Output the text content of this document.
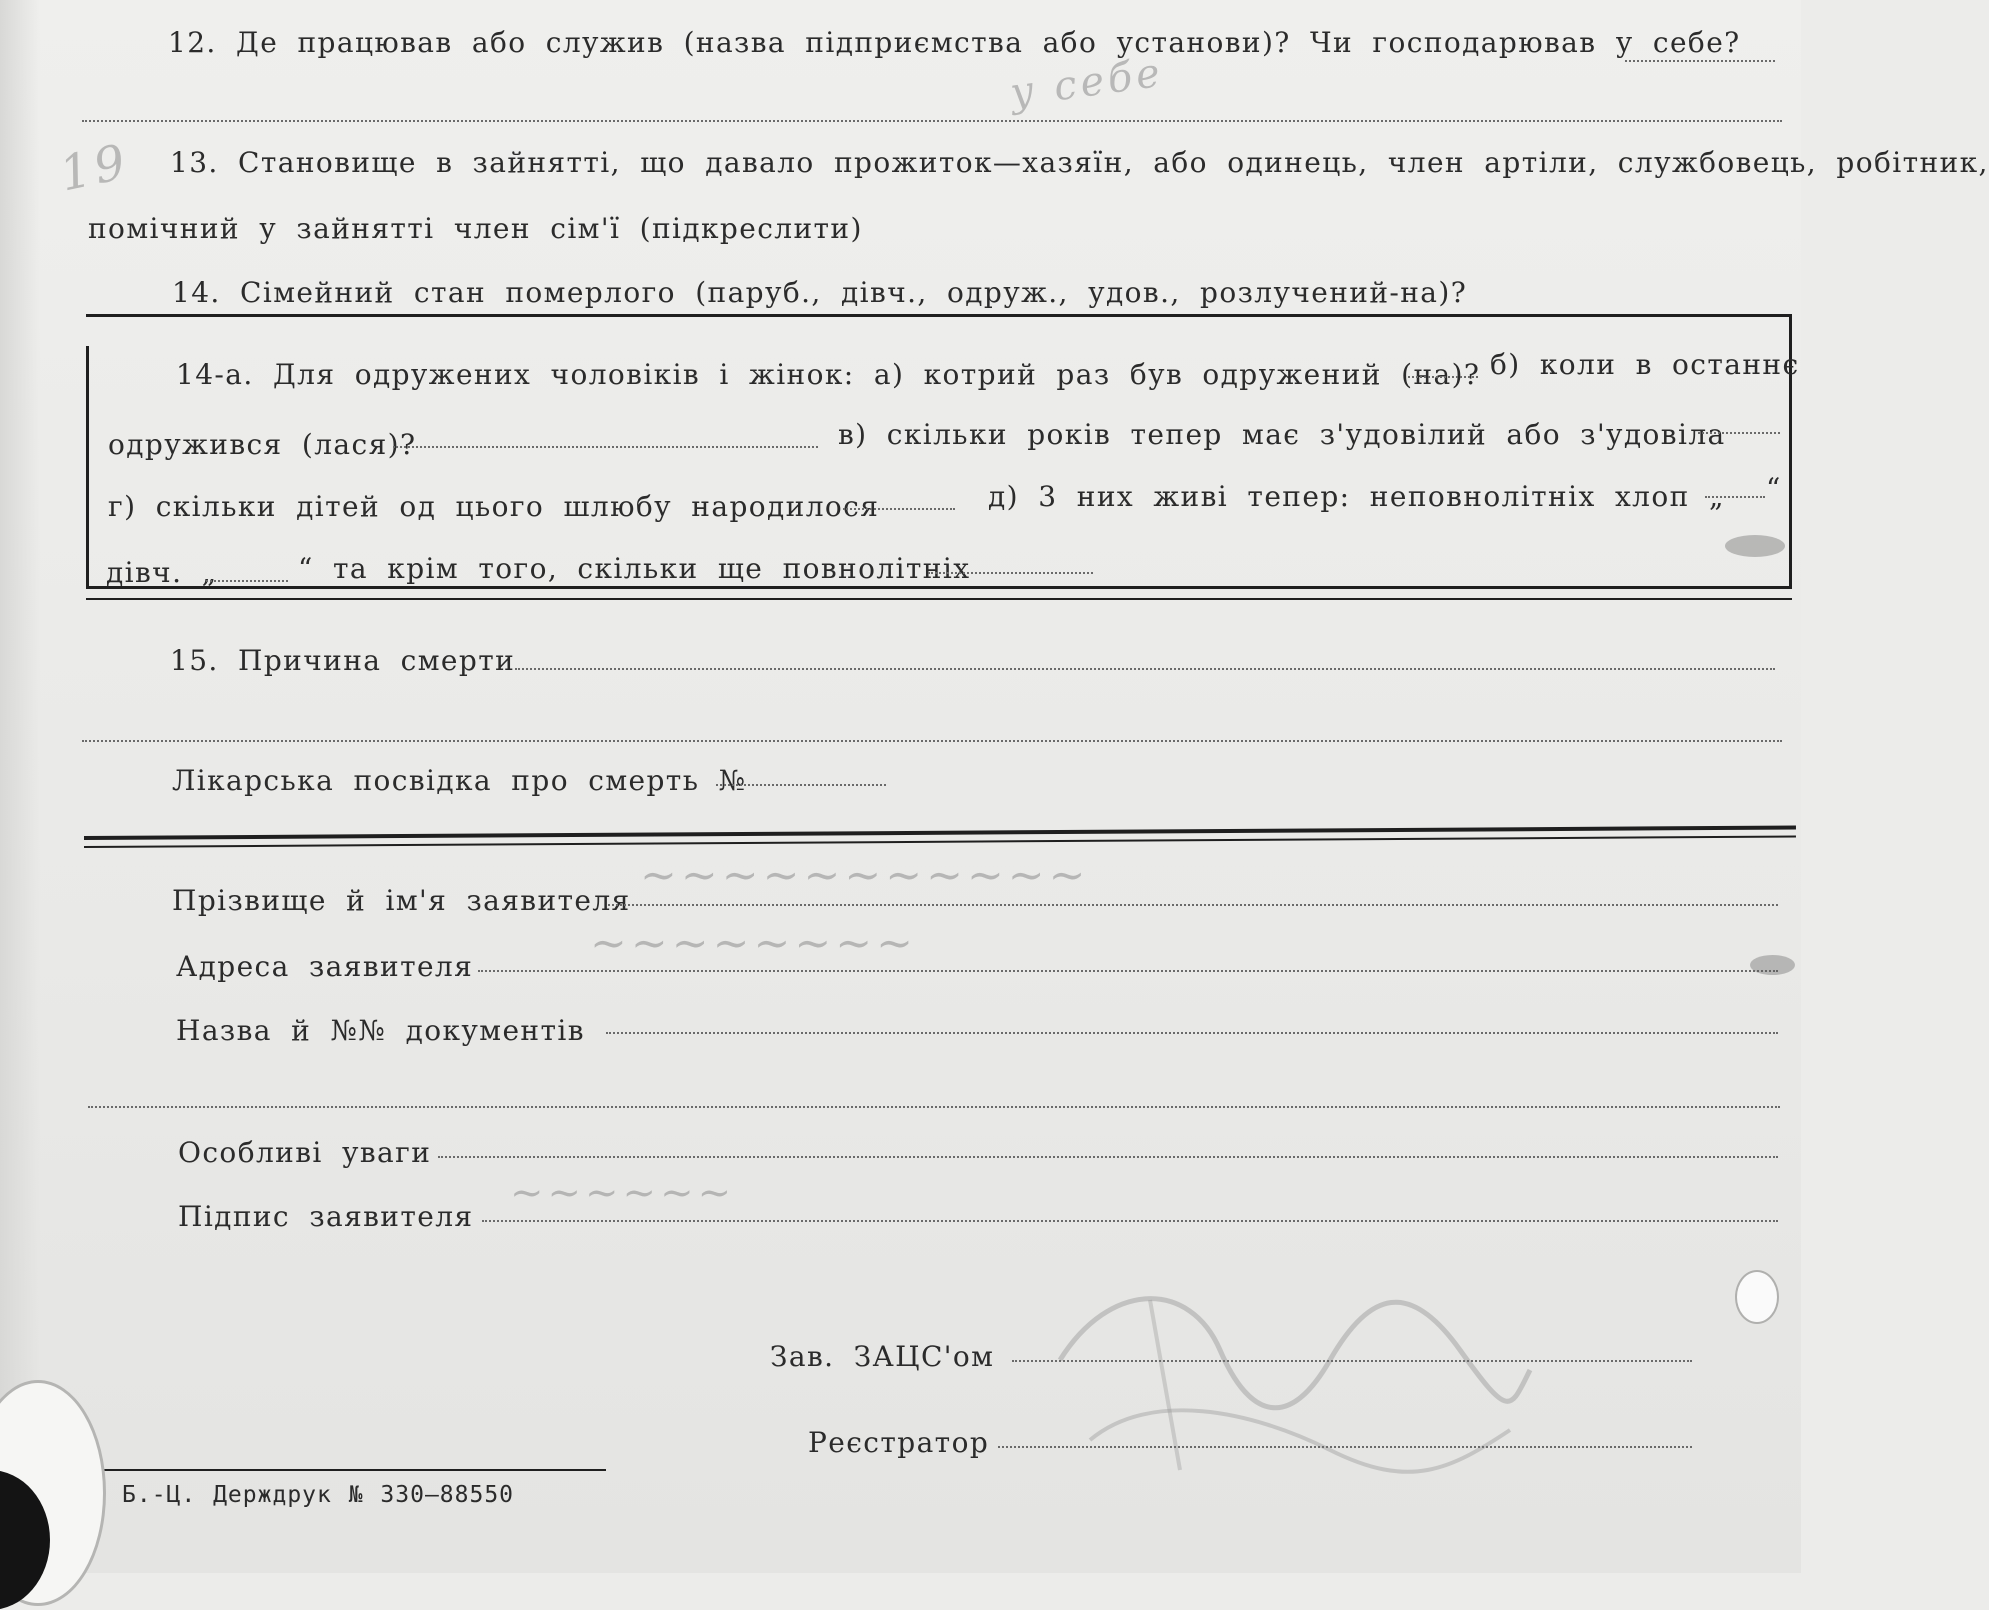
12. Де працював або служив (назва підприємства або установи)? Чи господарював у себе?
у себе
19 13. Становище в зайнятті, що давало прожиток—хазяїн, або одинець, член артіли, службовець, робітник,
помічний у зайнятті член сім'ї (підкреслити)
14. Сімейний стан померлого (паруб., дівч., одруж., удов., розлучений-на)?
14-а. Для одружених чоловіків і жінок: а) котрий раз був одружений (на)? б) коли в останнє
одружився (лася)?	в) скільки років тепер має з'удовілий або з'удовіла
г) скільки дітей од цього шлюбу народилося	д) 3 них живі тепер: неповнолітніх хлоп „ “
дівч. „	“ та крім того, скільки ще повнолітніх
15. Причина смерти
Лікарська посвідка про смерть №
Прізвище й ім'я заявителя ~~~~~~~~~~~
Адреса заявителя	~~~~~~~~
Назва й №№ документів
Особливі уваги
Підпис заявителя
~~~~~~
Зав. ЗАЦС'ом
Реєстратор
Б.-Ц. Держдрук № 330—88550
